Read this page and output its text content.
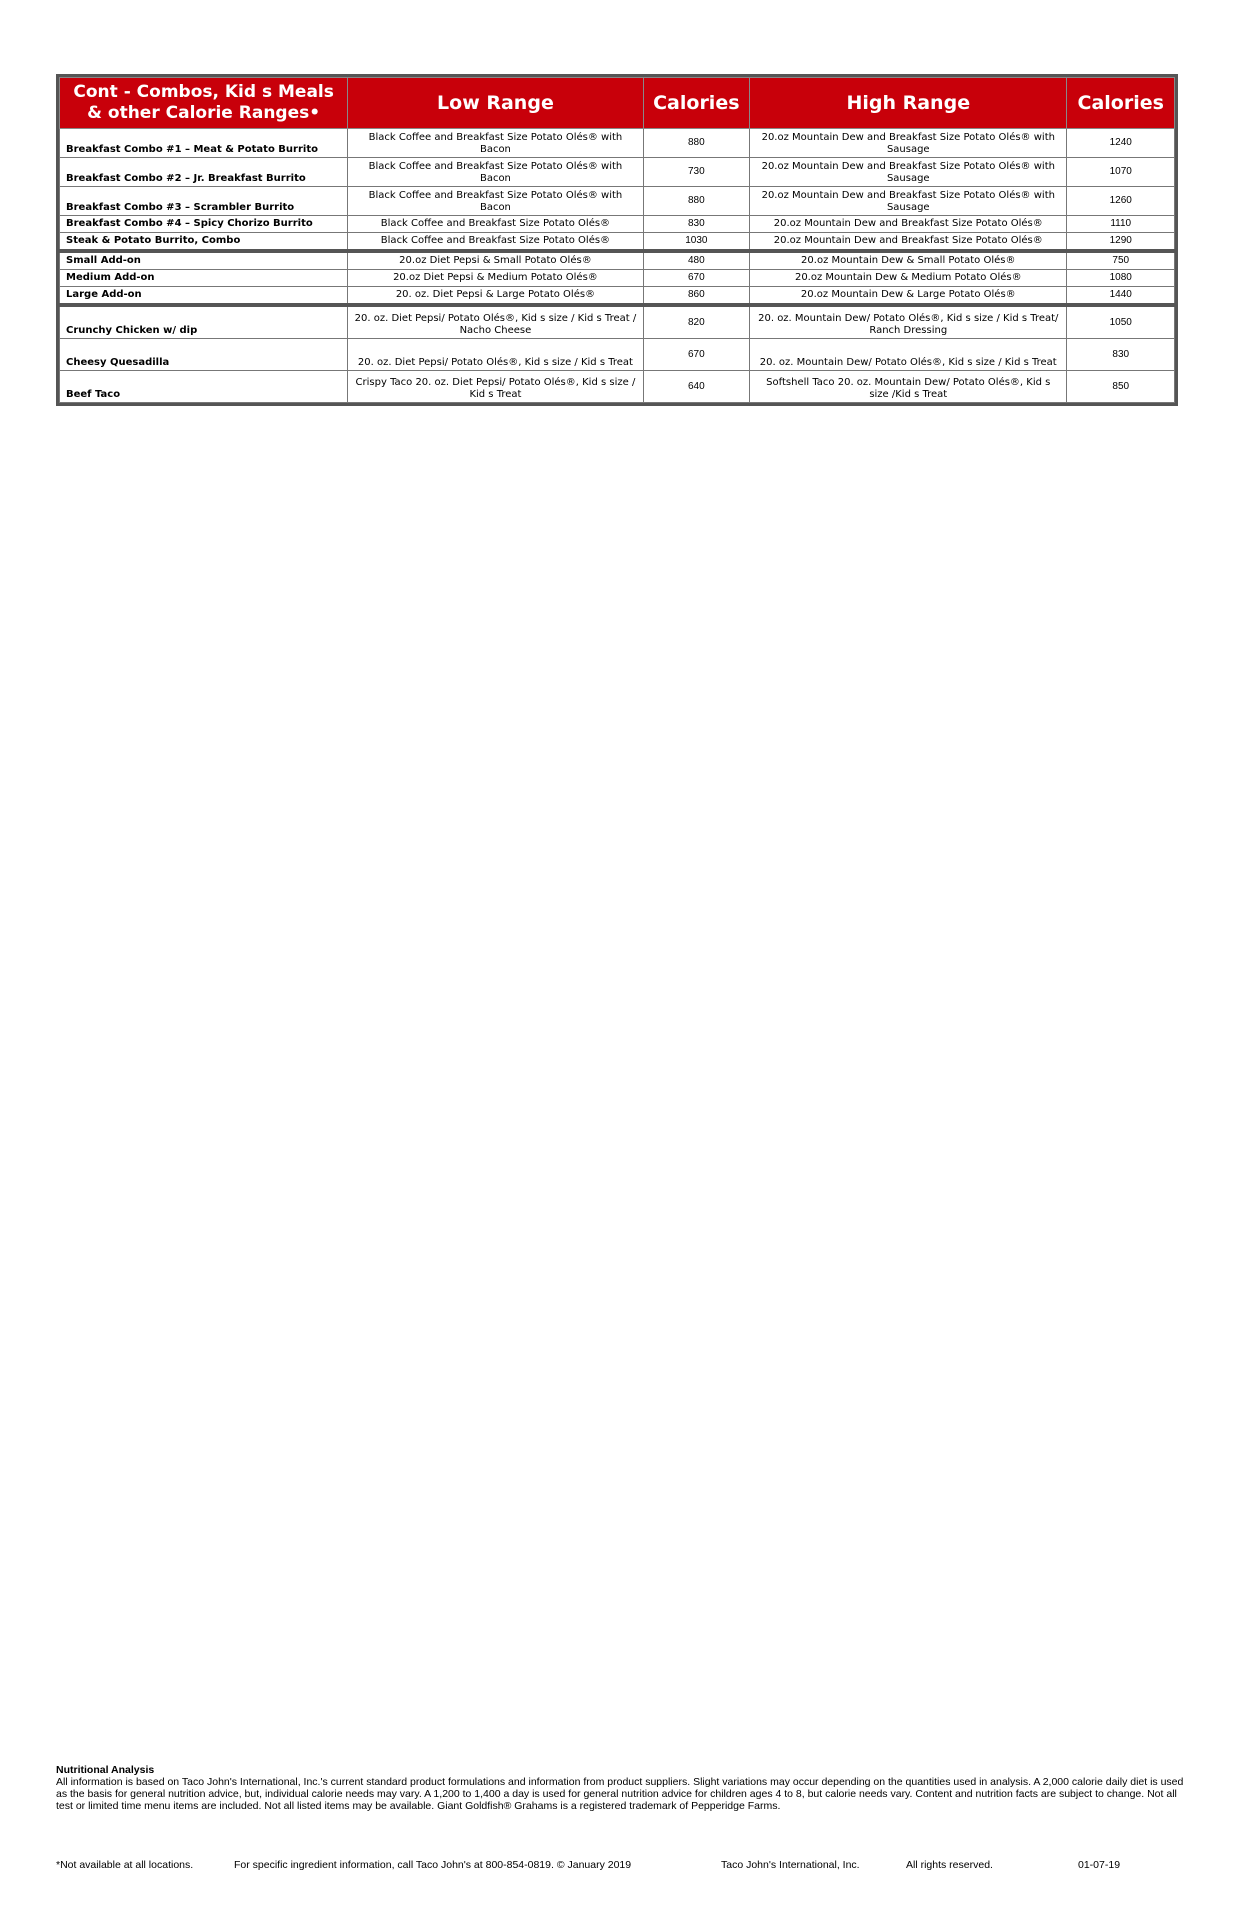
Cont - Combos, Kid s Meals
& other Calorie Ranges•	Low Range	Calories	High Range	Calories
Breakfast Combo #1 – Meat & Potato Burrito	Black Coffee and Breakfast Size Potato Olés® with Bacon	880	20.oz Mountain Dew and Breakfast Size Potato Olés® with Sausage	1240
Breakfast Combo #2 – Jr. Breakfast Burrito	Black Coffee and Breakfast Size Potato Olés® with Bacon	730	20.oz Mountain Dew and Breakfast Size Potato Olés® with Sausage	1070
Breakfast Combo #3 – Scrambler Burrito	Black Coffee and Breakfast Size Potato Olés® with Bacon	880	20.oz Mountain Dew and Breakfast Size Potato Olés® with Sausage	1260
Breakfast Combo #4 – Spicy Chorizo Burrito	Black Coffee and Breakfast Size Potato Olés®	830	20.oz Mountain Dew and Breakfast Size Potato Olés®	1110
Steak & Potato Burrito, Combo	Black Coffee and Breakfast Size Potato Olés®	1030	20.oz Mountain Dew and Breakfast Size Potato Olés®	1290
Small Add-on	20.oz Diet Pepsi & Small Potato Olés®	480	20.oz Mountain Dew & Small Potato Olés®	750
Medium Add-on	20.oz Diet Pepsi & Medium Potato Olés®	670	20.oz Mountain Dew & Medium Potato Olés®	1080
Large Add-on	20. oz. Diet Pepsi & Large Potato Olés®	860	20.oz Mountain Dew & Large Potato Olés®	1440
Crunchy Chicken w/ dip	20. oz. Diet Pepsi/ Potato Olés®, Kid s size / Kid s Treat / Nacho Cheese	820	20. oz. Mountain Dew/ Potato Olés®, Kid s size / Kid s Treat/ Ranch Dressing	1050
Cheesy Quesadilla	20. oz. Diet Pepsi/ Potato Olés®, Kid s size / Kid s Treat	670	20. oz. Mountain Dew/ Potato Olés®, Kid s size / Kid s Treat	830
Beef Taco	Crispy Taco 20. oz. Diet Pepsi/ Potato Olés®, Kid s size / Kid s Treat	640	Softshell Taco 20. oz. Mountain Dew/ Potato Olés®, Kid s size /Kid s Treat	850
Nutritional Analysis
All information is based on Taco John's International, Inc.'s current standard product formulations and information from product suppliers. Slight variations may occur depending on the quantities used in analysis. A 2,000 calorie daily diet is used as the basis for general nutrition advice, but, individual calorie needs may vary. A 1,200 to 1,400 a day is used for general nutrition advice for children ages 4 to 8, but calorie needs vary. Content and nutrition facts are subject to change. Not all test or limited time menu items are included. Not all listed items may be available. Giant Goldfish® Grahams is a registered trademark of Pepperidge Farms.
*Not available at all locations.	For specific ingredient information, call Taco John's at 800-854-0819. © January 2019	Taco John's International, Inc.	All rights reserved.	01-07-19
